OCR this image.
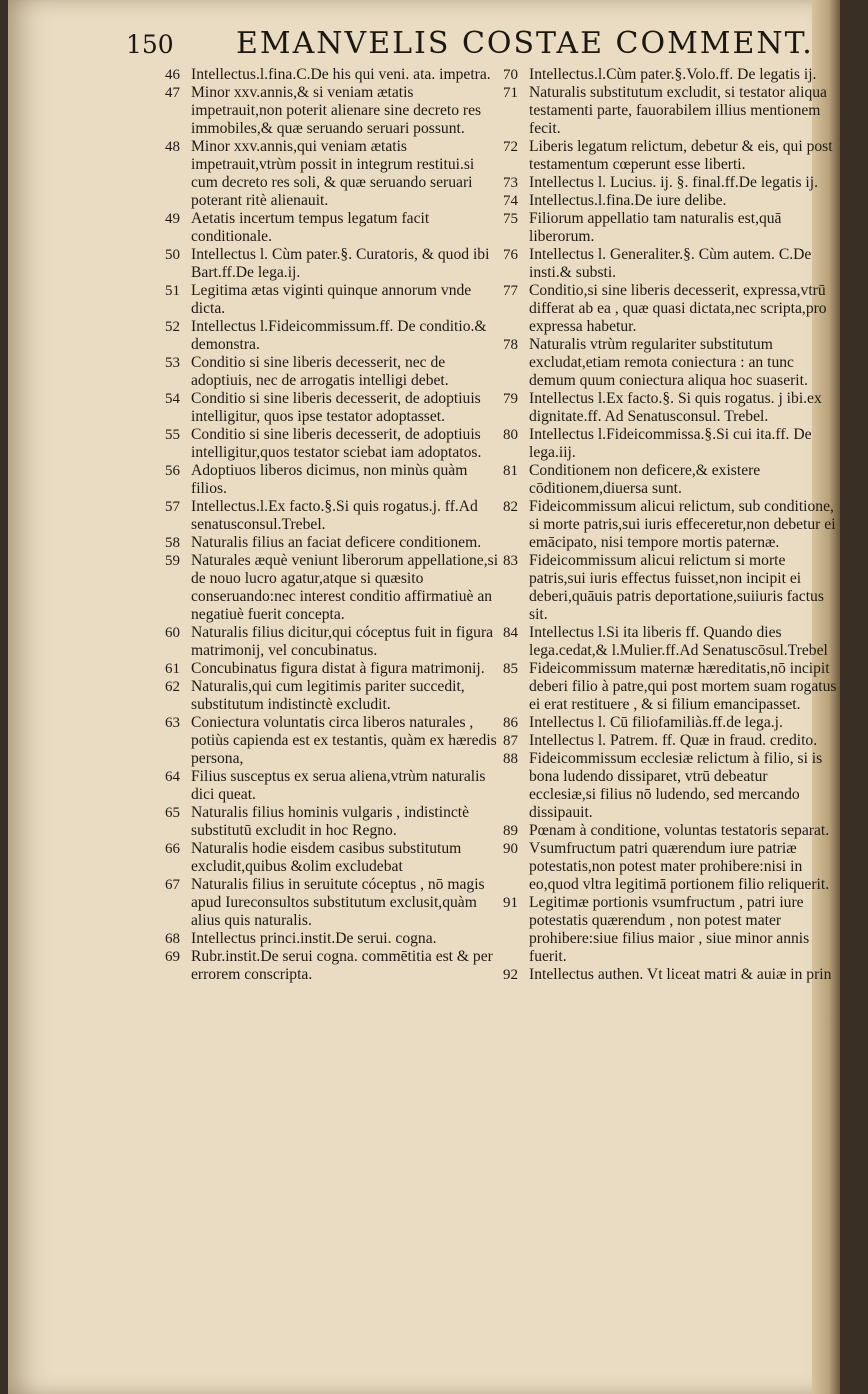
150 EMANVELIS COSTAE COMMENT.
46 Intellectus.l.fina.C.De his qui veni. ata. impetra.
47 Minor xxv.annis,& si veniam ætatis impetrauit,non poterit alienare sine decreto res immobiles,& quæ seruando seruari possunt.
48 Minor xxv.annis,qui veniam ætatis impetrauit,vtrùm possit in integrum restitui.si cum decreto res soli, & quæ seruando seruari poterant ritè alienauit.
49 Aetatis incertum tempus legatum facit conditionale.
50 Intellectus l. Cùm pater.§. Curatoris, & quod ibi Bart.ff.De lega.ij.
51 Legitima ætas viginti quinque annorum vnde dicta.
52 Intellectus l.Fideicommissum.ff. De conditio.& demonstra.
53 Conditio si sine liberis decesserit, nec de adoptiuis, nec de arrogatis intelligi debet.
54 Conditio si sine liberis decesserit, de adoptiuis intelligitur, quos ipse testator adoptasset.
55 Conditio si sine liberis decesserit, de adoptiuis intelligitur,quos testator sciebat iam adoptatos.
56 Adoptiuos liberos dicimus, non minùs quàm filios.
57 Intellectus.l.Ex facto.§.Si quis rogatus.j. ff.Ad senatusconsul.Trebel.
58 Naturalis filius an faciat deficere conditionem.
59 Naturales æquè veniunt liberorum appellatione,si de nouo lucro agatur,atque si quæsito conseruando:nec interest conditio affirmatiuè an negatiuè fuerit concepta.
60 Naturalis filius dicitur,qui cóceptus fuit in figura matrimonij, vel concubinatus.
61 Concubinatus figura distat à figura matrimonij.
62 Naturalis,qui cum legitimis pariter succedit, substitutum indistinctè excludit.
63 Coniectura voluntatis circa liberos naturales , potiùs capienda est ex testantis, quàm ex hæredis persona,
64 Filius susceptus ex serua aliena,vtrùm naturalis dici queat.
65 Naturalis filius hominis vulgaris , indistinctè substitutū excludit in hoc Regno.
66 Naturalis hodie eisdem casibus substitutum excludit,quibus &olim excludebat
67 Naturalis filius in seruitute cóceptus , nō magis apud Iureconsultos substitutum exclusit,quàm alius quis naturalis.
68 Intellectus princi.instit.De serui. cogna.
69 Rubr.instit.De serui cogna. commētitia est & per errorem conscripta.
70 Intellectus.l.Cùm pater.§.Volo.ff. De legatis ij.
71 Naturalis substitutum excludit, si testator aliqua testamenti parte, fauorabilem illius mentionem fecit.
72 Liberis legatum relictum, debetur & eis, qui post testamentum cœperunt esse liberti.
73 Intellectus l. Lucius. ij. §. final.ff.De legatis ij.
74 Intellectus.l.fina.De iure delibe.
75 Filiorum appellatio tam naturalis est,quā liberorum.
76 Intellectus l. Generaliter.§. Cùm autem. C.De insti.& substi.
77 Conditio,si sine liberis decesserit, expressa,vtrū differat ab ea , quæ quasi dictata,nec scripta,pro expressa habetur.
78 Naturalis vtrùm regulariter substitutum excludat,etiam remota coniectura : an tunc demum quum coniectura aliqua hoc suaserit.
79 Intellectus l.Ex facto.§. Si quis rogatus. j ibi.ex dignitate.ff. Ad Senatusconsul. Trebel.
80 Intellectus l.Fideicommissa.§.Si cui ita.ff. De lega.iij.
81 Conditionem non deficere,& existere cōditionem,diuersa sunt.
82 Fideicommissum alicui relictum, sub conditione, si morte patris,sui iuris effeceretur,non debetur ei emācipato, nisi tempore mortis paternæ.
83 Fideicommissum alicui relictum si morte patris,sui iuris effectus fuisset,non incipit ei deberi,quāuis patris deportatione,suiiuris factus sit.
84 Intellectus l.Si ita liberis ff. Quando dies lega.cedat,& l.Mulier.ff.Ad Senatuscōsul.Trebel
85 Fideicommissum maternæ hæreditatis,nō incipit deberi filio à patre,qui post mortem suam rogatus ei erat restituere , & si filium emancipasset.
86 Intellectus l. Cū filiofamiliàs.ff.de lega.j.
87 Intellectus l. Patrem. ff. Quæ in fraud. credito.
88 Fideicommissum ecclesiæ relictum à filio, si is bona ludendo dissiparet, vtrū debeatur ecclesiæ,si filius nō ludendo, sed mercando dissipauit.
89 Pœnam à conditione, voluntas testatoris separat.
90 Vsumfructum patri quærendum iure patriæ potestatis,non potest mater prohibere:nisi in eo,quod vltra legitimā portionem filio reliquerit.
91 Legitimæ portionis vsumfructum , patri iure potestatis quærendum , non potest mater prohibere:siue filius maior , siue minor annis fuerit.
92 Intellectus authen. Vt liceat matri & auiæ in prin
